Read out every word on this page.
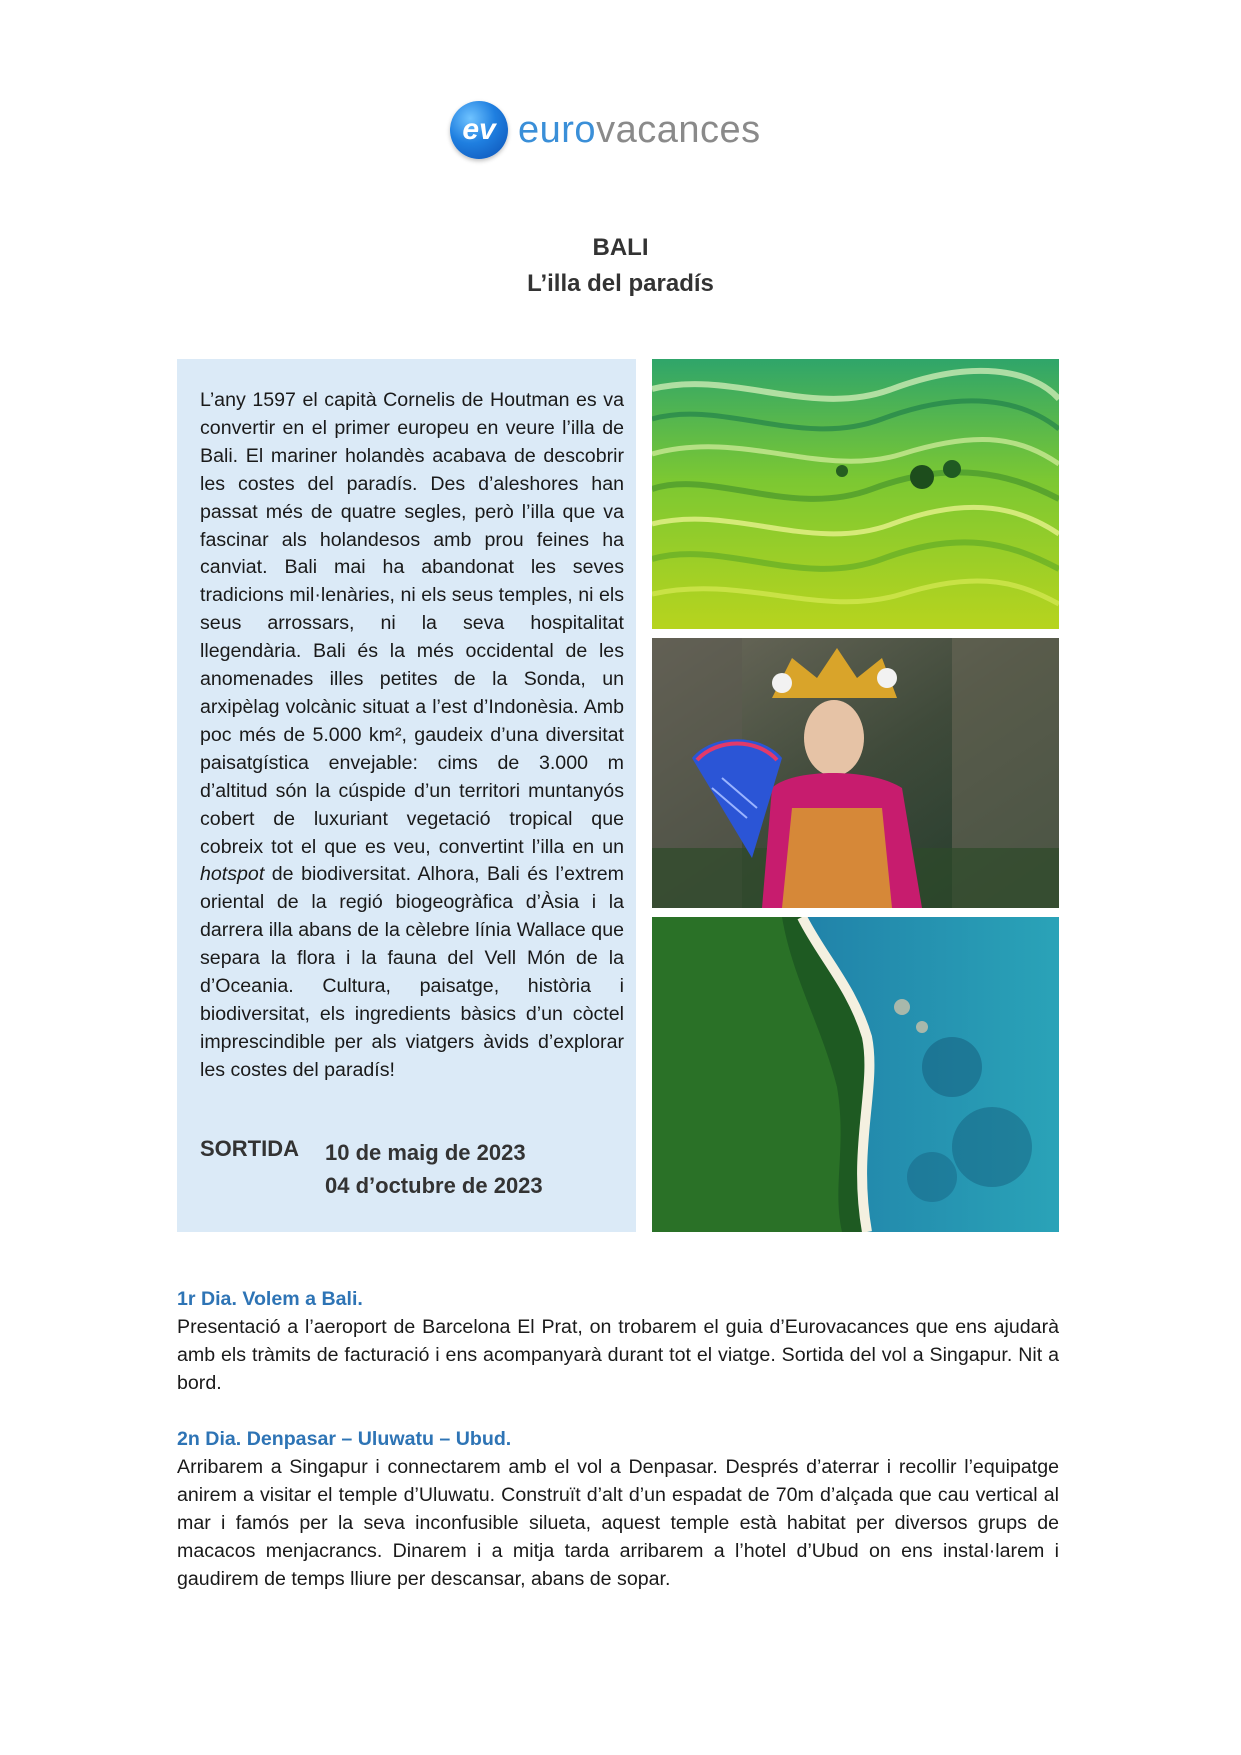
ev eurovacances
BALI
L’illa del paradís
L’any 1597 el capità Cornelis de Houtman es va convertir en el primer europeu en veure l’illa de Bali. El mariner holandès acabava de descobrir les costes del paradís. Des d’aleshores han passat més de quatre segles, però l’illa que va fascinar als holandesos amb prou feines ha canviat. Bali mai ha abandonat les seves tradicions mil·lenàries, ni els seus temples, ni els seus arrossars, ni la seva hospitalitat llegendària. Bali és la més occidental de les anomenades illes petites de la Sonda, un arxipèlag volcànic situat a l’est d’Indonèsia. Amb poc més de 5.000 km², gaudeix d’una diversitat paisatgística envejable: cims de 3.000 m d’altitud són la cúspide d’un territori muntanyós cobert de luxuriant vegetació tropical que cobreix tot el que es veu, convertint l’illa en un hotspot de biodiversitat. Alhora, Bali és l’extrem oriental de la regió biogeogràfica d’Àsia i la darrera illa abans de la cèlebre línia Wallace que separa la flora i la fauna del Vell Món de la d’Oceania. Cultura, paisatge, història i biodiversitat, els ingredients bàsics d’un còctel imprescindible per als viatgers àvids d’explorar les costes del paradís!
SORTIDA	10 de maig de 2023
04 d’octubre de 2023
1r Dia. Volem a Bali.
Presentació a l’aeroport de Barcelona El Prat, on trobarem el guia d’Eurovacances que ens ajudarà amb els tràmits de facturació i ens acompanyarà durant tot el viatge. Sortida del vol a Singapur. Nit a bord.
2n Dia. Denpasar – Uluwatu – Ubud.
Arribarem a Singapur i connectarem amb el vol a Denpasar. Després d’aterrar i recollir l’equipatge anirem a visitar el temple d’Uluwatu. Construït d’alt d’un espadat de 70m d’alçada que cau vertical al mar i famós per la seva inconfusible silueta, aquest temple està habitat per diversos grups de macacos menjacrancs. Dinarem i a mitja tarda arribarem a l’hotel d’Ubud on ens instal·larem i gaudirem de temps lliure per descansar, abans de sopar.
